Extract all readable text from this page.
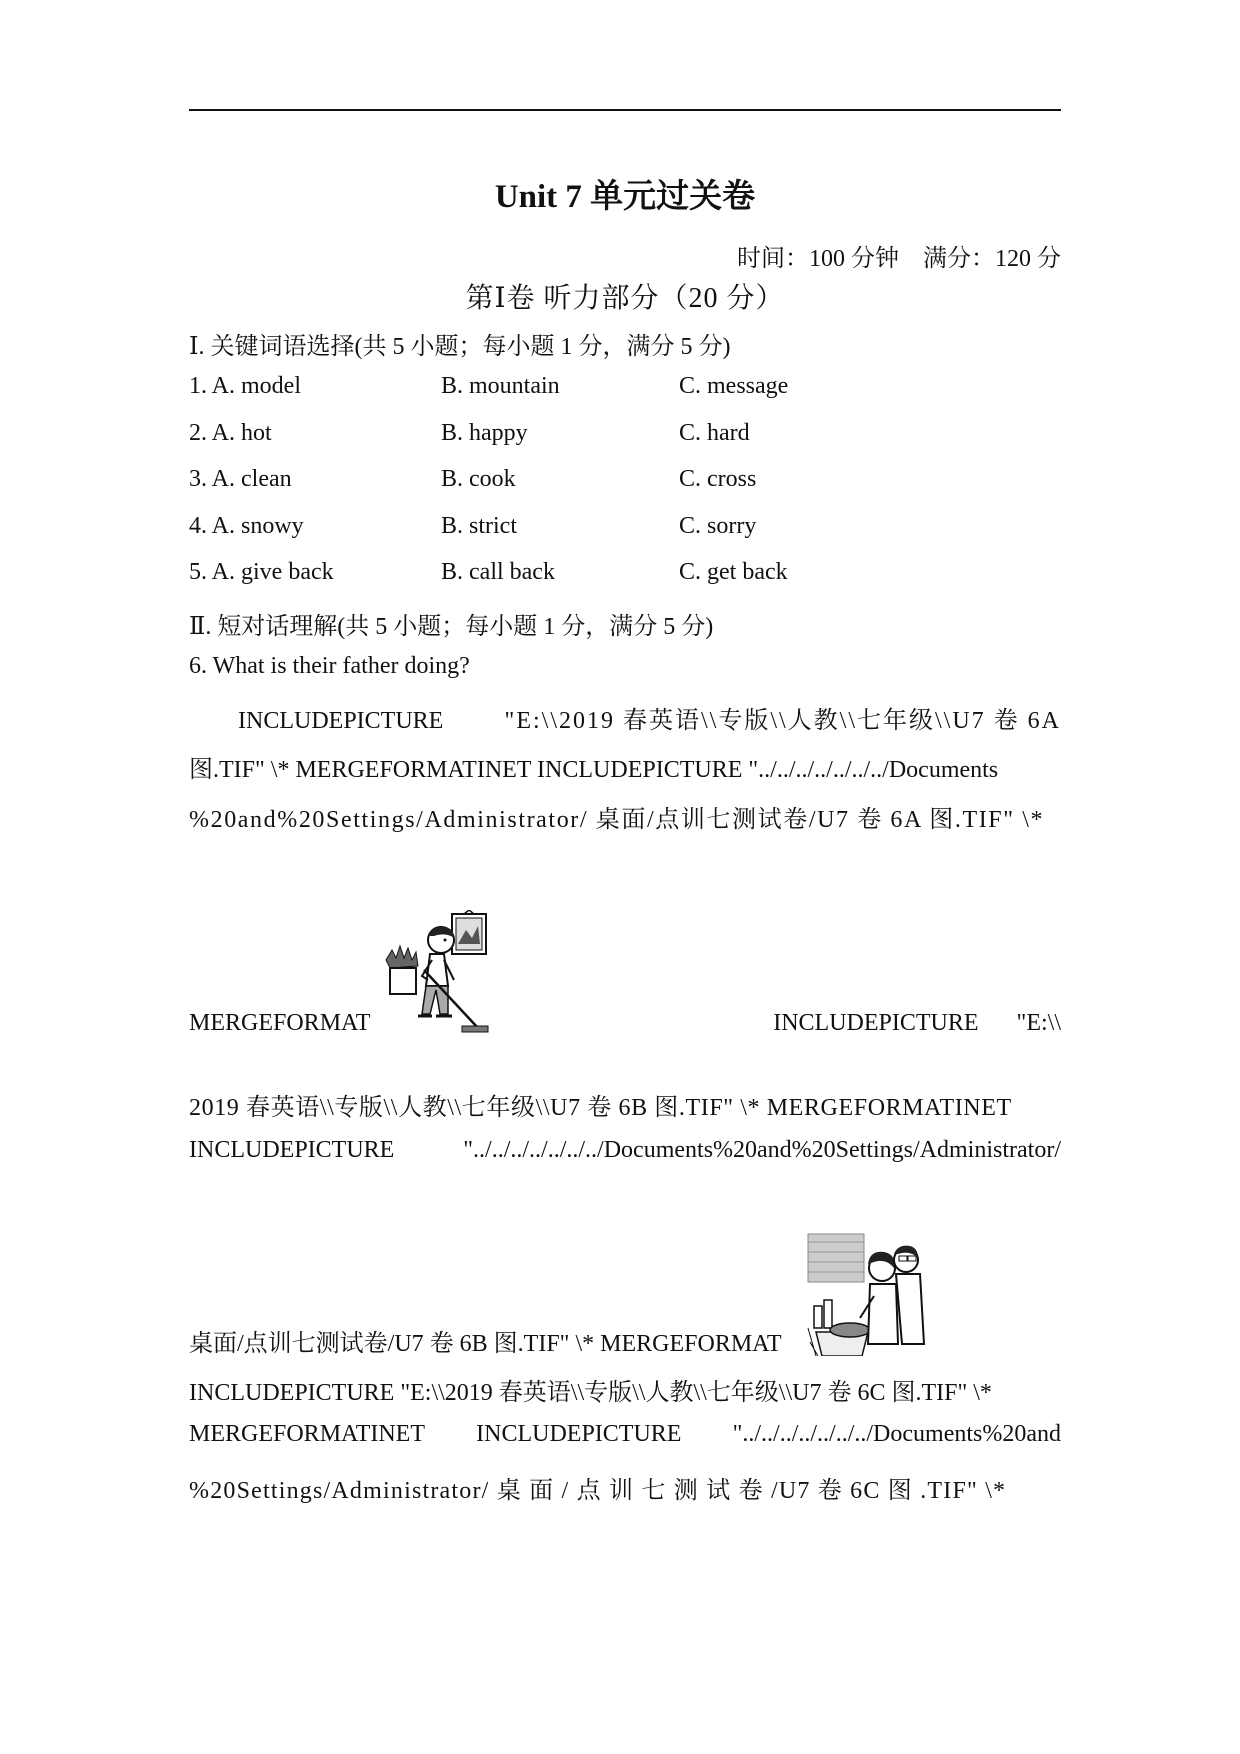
Unit 7 单元过关卷
时间：100 分钟    满分：120 分
第Ⅰ卷 听力部分（20 分）
Ⅰ. 关键词语选择(共 5 小题；每小题 1 分，满分 5 分)
1. A. model	B. mountain	C. message
2. A. hot	B. happy	C. hard
3. A. clean	B. cook	C. cross
4. A. snowy	B. strict	C. sorry
5. A. give back	B. call back	C. get back
Ⅱ. 短对话理解(共 5 小题；每小题 1 分，满分 5 分)
6. What is their father doing?
INCLUDEPICTURE	"E:\\2019 春英语\\专版\\人教\\七年级\\U7 卷 6A
图.TIF" \* MERGEFORMATINET INCLUDEPICTURE "../../../../../../../Documents
%20and%20Settings/Administrator/ 桌面/点训七测试卷/U7 卷 6A 图.TIF" \*
MERGEFORMAT	INCLUDEPICTURE "E:\\
2019 春英语\\专版\\人教\\七年级\\U7 卷 6B 图.TIF" \* MERGEFORMATINET
INCLUDEPICTURE	"../../../../../../../Documents%20and%20Settings/Administrator/
桌面/点训七测试卷/U7 卷 6B 图.TIF" \* MERGEFORMAT
INCLUDEPICTURE "E:\\2019 春英语\\专版\\人教\\七年级\\U7 卷 6C 图.TIF" \*
MERGEFORMATINET INCLUDEPICTURE "../../../../../../../Documents%20and
%20Settings/Administrator/ 桌 面 / 点 训 七 测 试 卷 /U7 卷 6C 图 .TIF" \*
